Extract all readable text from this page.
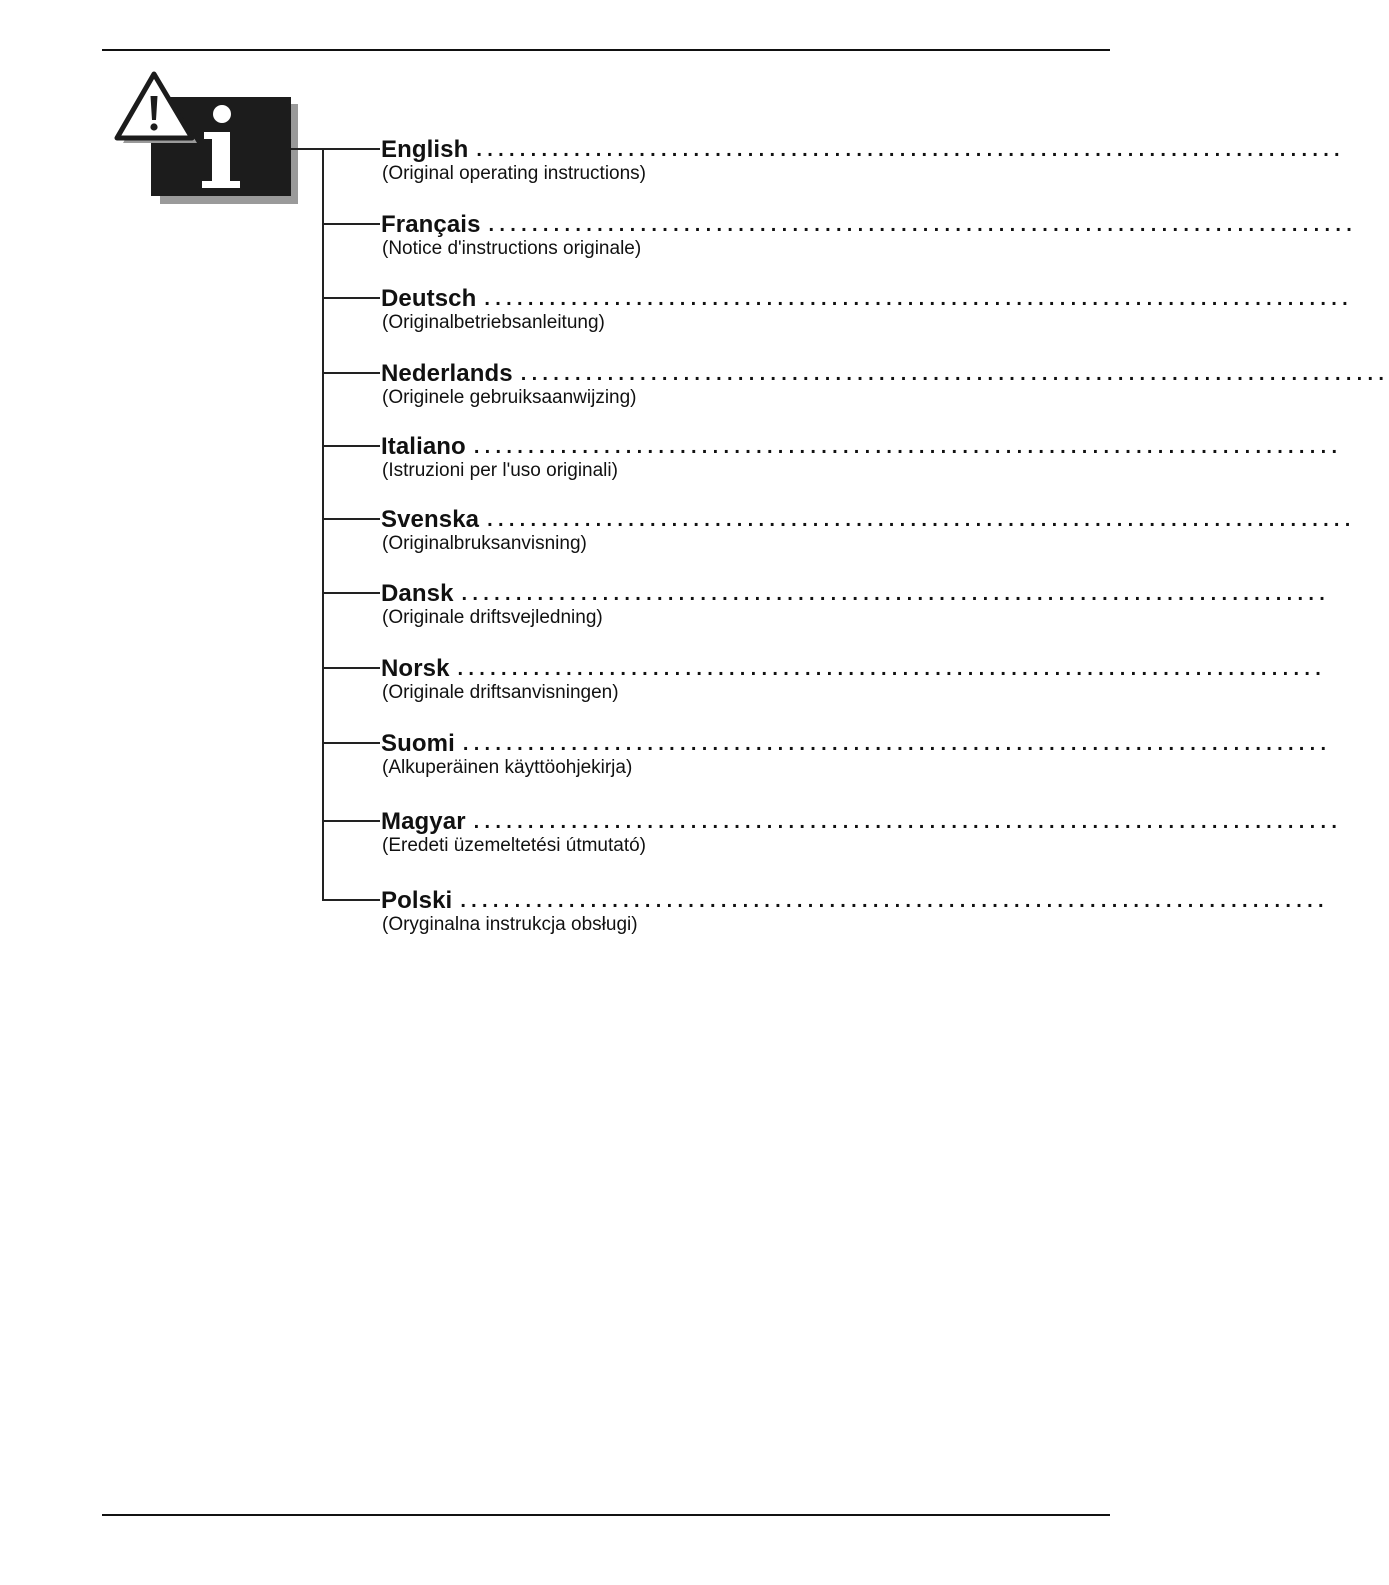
English ................................................................................
(Original operating instructions)
Français ................................................................................
(Notice d'instructions originale)
Deutsch ................................................................................
(Originalbetriebsanleitung)
Nederlands ................................................................................
(Originele gebruiksaanwijzing)
Italiano ................................................................................
(Istruzioni per l'uso originali)
Svenska ................................................................................
(Originalbruksanvisning)
Dansk ................................................................................
(Originale driftsvejledning)
Norsk ................................................................................
(Originale driftsanvisningen)
Suomi ................................................................................
(Alkuperäinen käyttöohjekirja)
Magyar ................................................................................
(Eredeti üzemeltetési útmutató)
Polski ................................................................................
(Oryginalna instrukcja obsługi)
